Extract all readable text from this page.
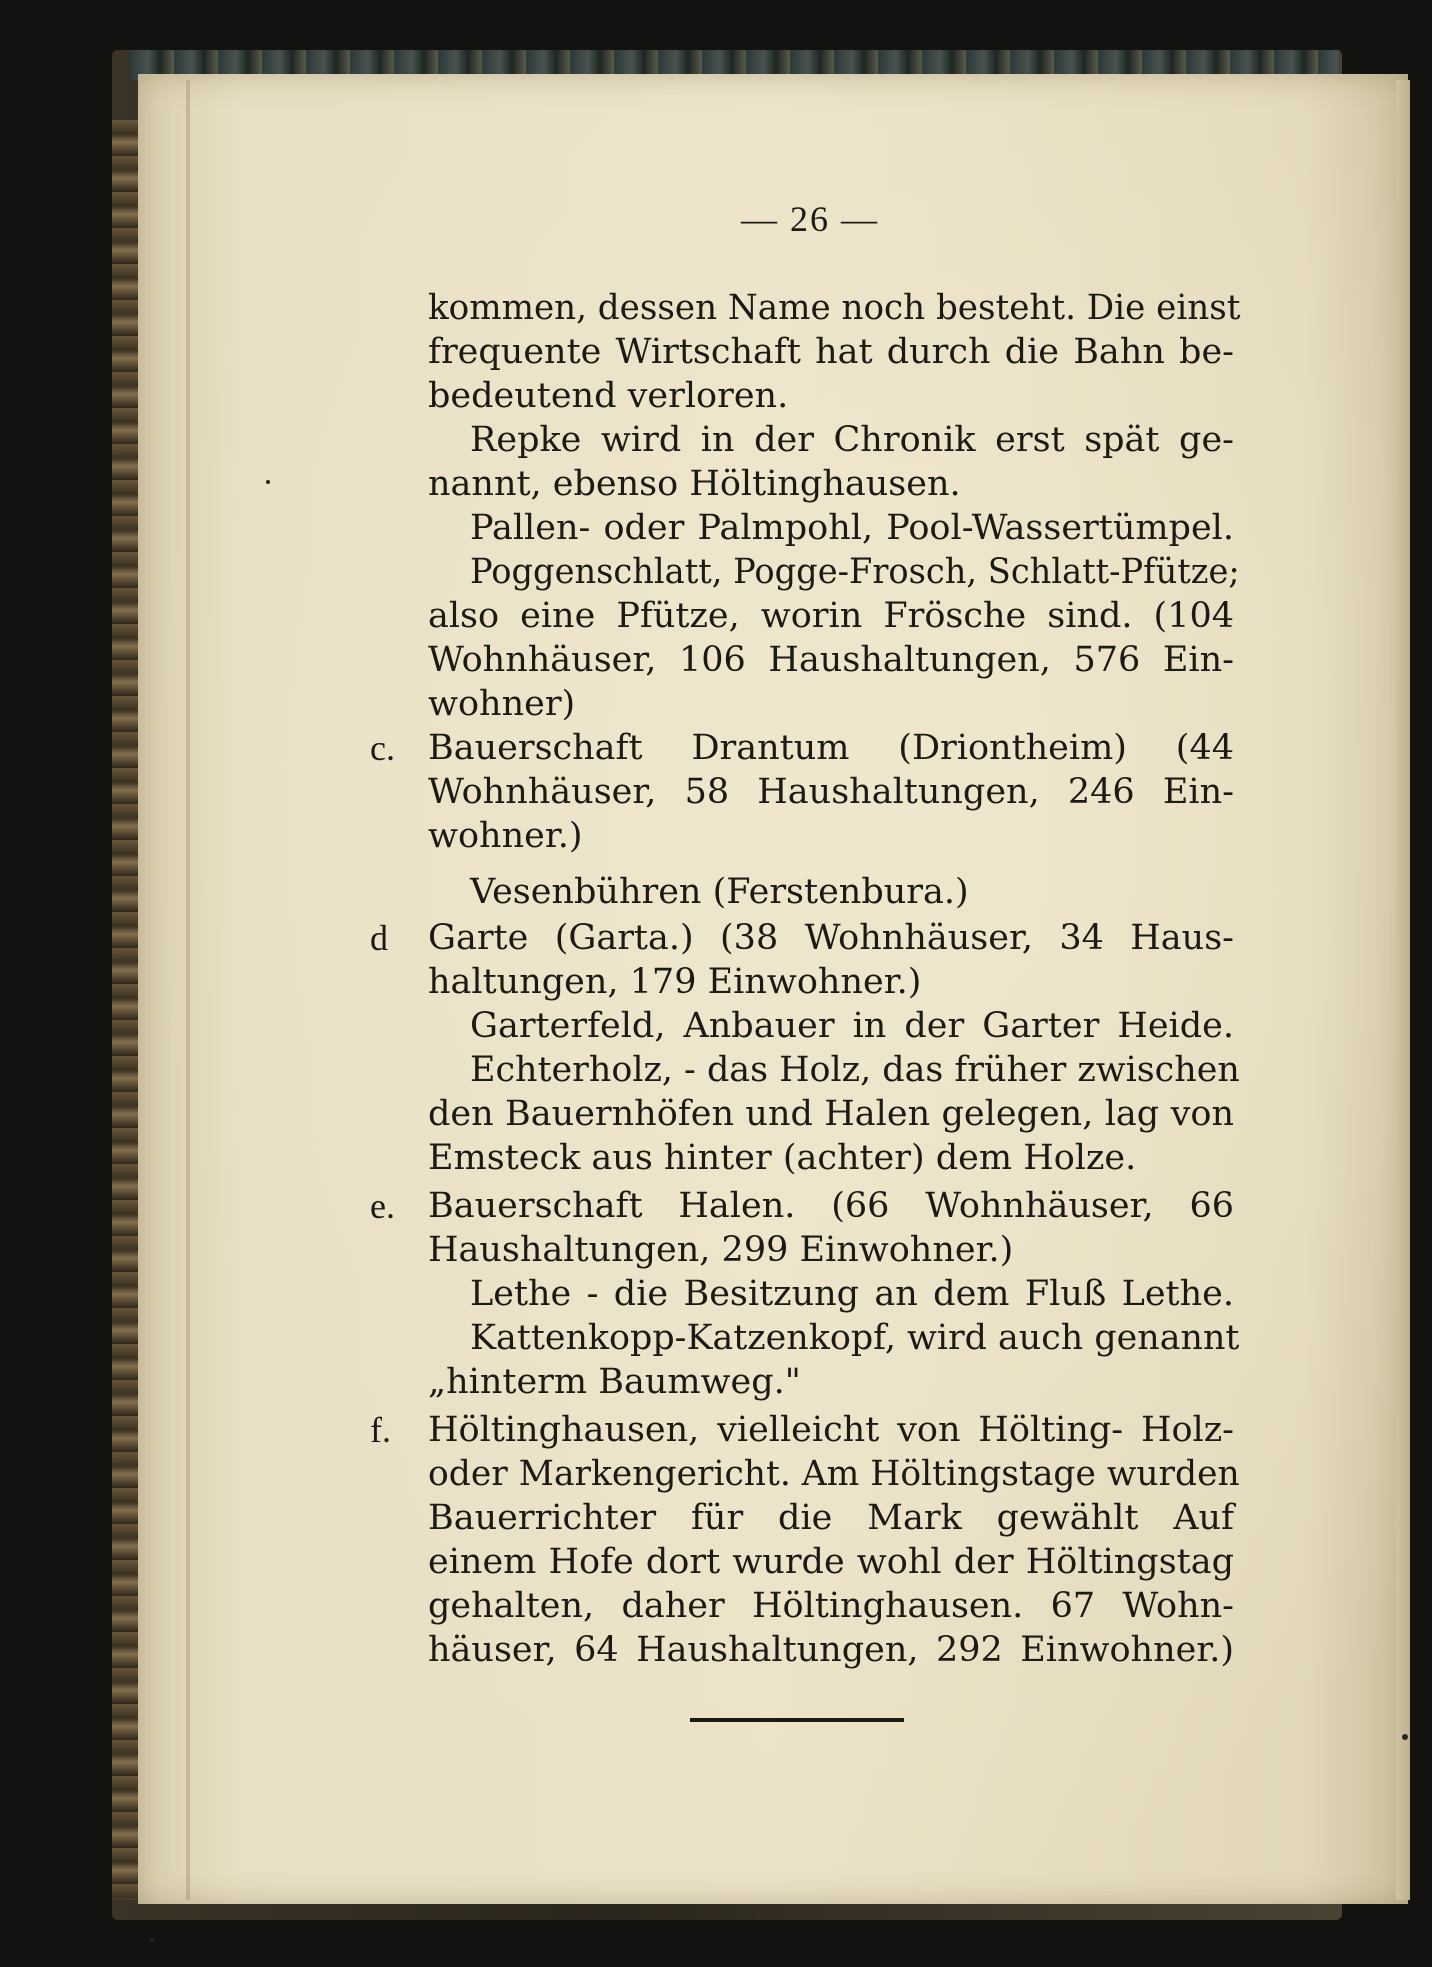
— 26 —
kommen, dessen Name noch besteht. Die einst
frequente Wirtschaft hat durch die Bahn be-
bedeutend verloren.
Repke wird in der Chronik erst spät ge-
nannt, ebenso Höltinghausen.
Pallen- oder Palmpohl, Pool-Wassertümpel.
Poggenschlatt, Pogge-Frosch, Schlatt-Pfütze;
also eine Pfütze, worin Frösche sind. (104
Wohnhäuser, 106 Haushaltungen, 576 Ein-
wohner)
c. Bauerschaft Drantum (Driontheim) (44
Wohnhäuser, 58 Haushaltungen, 246 Ein-
wohner.)
Vesenbühren (Ferstenbura.)
d Garte (Garta.) (38 Wohnhäuser, 34 Haus-
haltungen, 179 Einwohner.)
Garterfeld, Anbauer in der Garter Heide.
Echterholz, - das Holz, das früher zwischen
den Bauernhöfen und Halen gelegen, lag von
Emsteck aus hinter (achter) dem Holze.
e. Bauerschaft Halen. (66 Wohnhäuser, 66
Haushaltungen, 299 Einwohner.)
Lethe - die Besitzung an dem Fluß Lethe.
Kattenkopp-Katzenkopf, wird auch genannt
„hinterm Baumweg."
f. Höltinghausen, vielleicht von Hölting- Holz-
oder Markengericht. Am Höltingstage wurden
Bauerrichter für die Mark gewählt Auf
einem Hofe dort wurde wohl der Höltingstag
gehalten, daher Höltinghausen. 67 Wohn-
häuser, 64 Haushaltungen, 292 Einwohner.)
